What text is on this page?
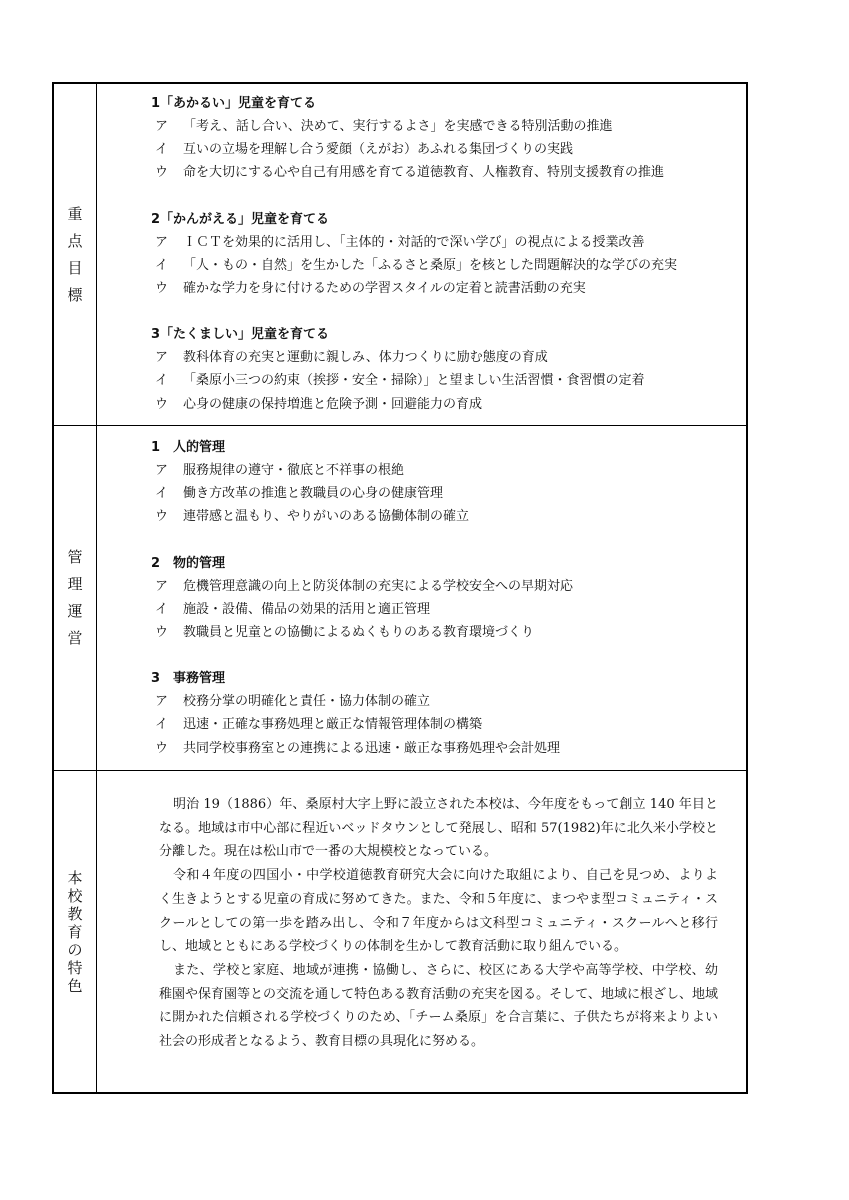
重
点
目
標
1「あかるい」児童を育てる
ア	「考え、話し合い、決めて、実行するよさ」を実感できる特別活動の推進
イ	互いの立場を理解し合う愛顔（えがお）あふれる集団づくりの実践
ウ	命を大切にする心や自己有用感を育てる道徳教育、人権教育、特別支援教育の推進
2「かんがえる」児童を育てる
ア	ＩＣＴを効果的に活用し、「主体的・対話的で深い学び」の視点による授業改善
イ	「人・もの・自然」を生かした「ふるさと桑原」を核とした問題解決的な学びの充実
ウ	確かな学力を身に付けるための学習スタイルの定着と読書活動の充実
3「たくましい」児童を育てる
ア	教科体育の充実と運動に親しみ、体力つくりに励む態度の育成
イ	「桑原小三つの約束（挨拶・安全・掃除）」と望ましい生活習慣・食習慣の定着
ウ	心身の健康の保持増進と危険予測・回避能力の育成
管
理
運
営
1　人的管理
ア	服務規律の遵守・徹底と不祥事の根絶
イ	働き方改革の推進と教職員の心身の健康管理
ウ	連帯感と温もり、やりがいのある協働体制の確立
2　物的管理
ア	危機管理意識の向上と防災体制の充実による学校安全への早期対応
イ	施設・設備、備品の効果的活用と適正管理
ウ	教職員と児童との協働によるぬくもりのある教育環境づくり
3　事務管理
ア	校務分掌の明確化と責任・協力体制の確立
イ	迅速・正確な事務処理と厳正な情報管理体制の構築
ウ	共同学校事務室との連携による迅速・厳正な事務処理や会計処理
本
校
教
育
の
特
色

明治 19（1886）年、桑原村大字上野に設立された本校は、今年度をもって創立 140 年目となる。地域は市中心部に程近いベッドタウンとして発展し、昭和 57(1982)年に北久米小学校と分離した。現在は松山市で一番の大規模校となっている。

令和４年度の四国小・中学校道徳教育研究大会に向けた取組により、自己を見つめ、よりよく生きようとする児童の育成に努めてきた。また、令和５年度に、まつやま型コミュニティ・スクールとしての第一歩を踏み出し、令和７年度からは文科型コミュニティ・スクールへと移行し、地域とともにある学校づくりの体制を生かして教育活動に取り組んでいる。

また、学校と家庭、地域が連携・協働し、さらに、校区にある大学や高等学校、中学校、幼稚園や保育園等との交流を通して特色ある教育活動の充実を図る。そして、地域に根ざし、地域に開かれた信頼される学校づくりのため、「チーム桑原」を合言葉に、子供たちが将来よりよい社会の形成者となるよう、教育目標の具現化に努める。
